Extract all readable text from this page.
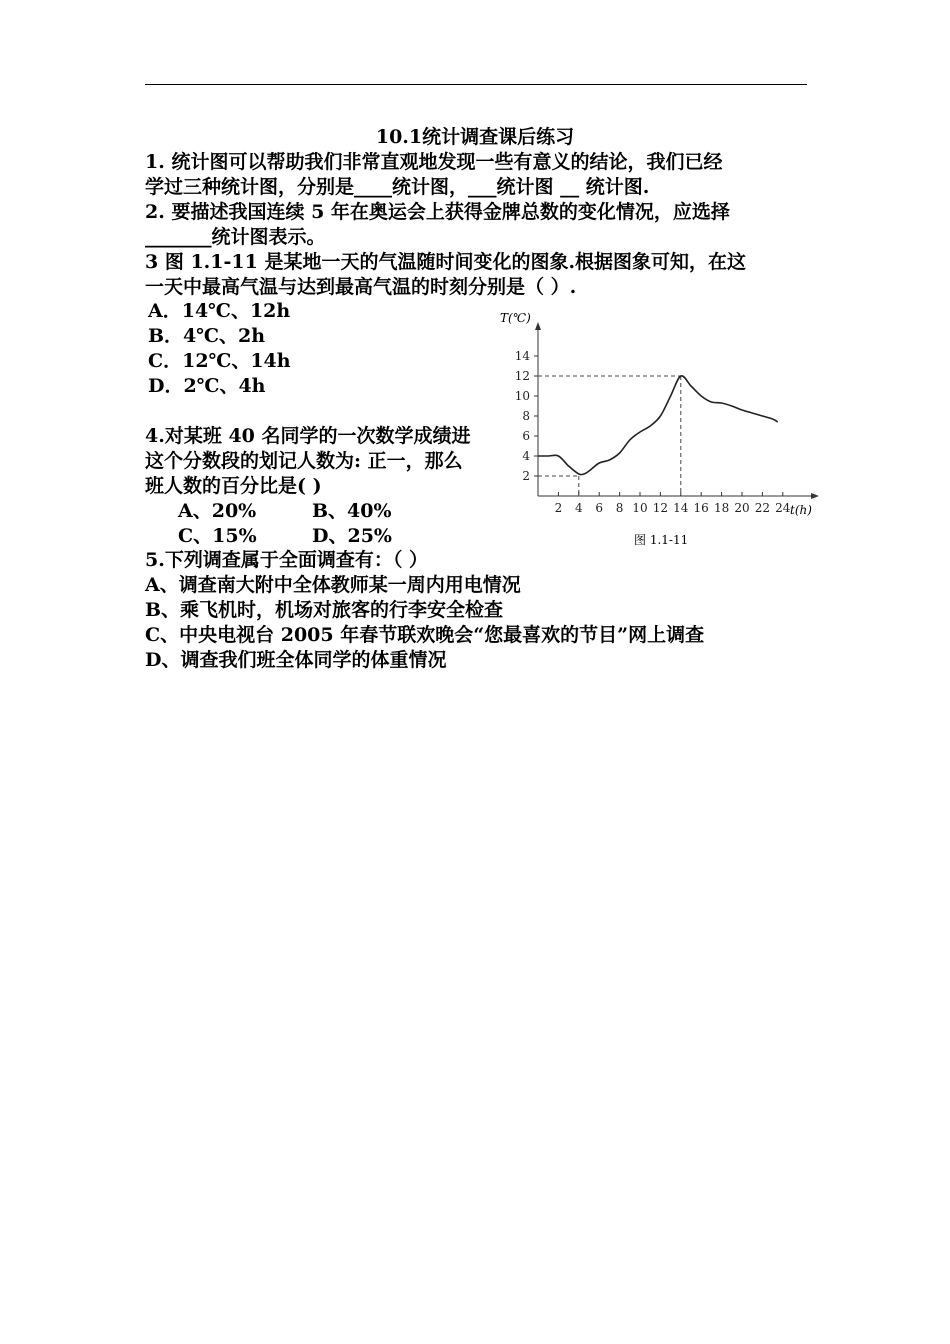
10.1统计调查课后练习
1. 统计图可以帮助我们非常直观地发现一些有意义的结论，我们已经
学过三种统计图，分别是____统计图，___统计图 __ 统计图.
2. 要描述我国连续 5 年在奥运会上获得金牌总数的变化情况，应选择
_______统计图表示。
3 图 1.1-11 是某地一天的气温随时间变化的图象.根据图象可知，在这
一天中最高气温与达到最高气温的时刻分别是（ ）.
A．14℃、12h
B．4℃、2h
C．12℃、14h
D．2℃、4h
4.对某班 40 名同学的一次数学成绩进
这个分数段的划记人数为: 正一，那么
班人数的百分比是( )
A、20%	B、40%
C、15%	D、25%
5.下列调查属于全面调查有：（ ）
A、调查南大附中全体教师某一周内用电情况
B、乘飞机时，机场对旅客的行李安全检查
C、中央电视台 2005 年春节联欢晚会“您最喜欢的节目”网上调查
D、调查我们班全体同学的体重情况
2 4 6 8 10 12 14 16 18 20 22 24
2
4
6
8
10
12
14
T(℃)
t(h)
图 1.1-11
